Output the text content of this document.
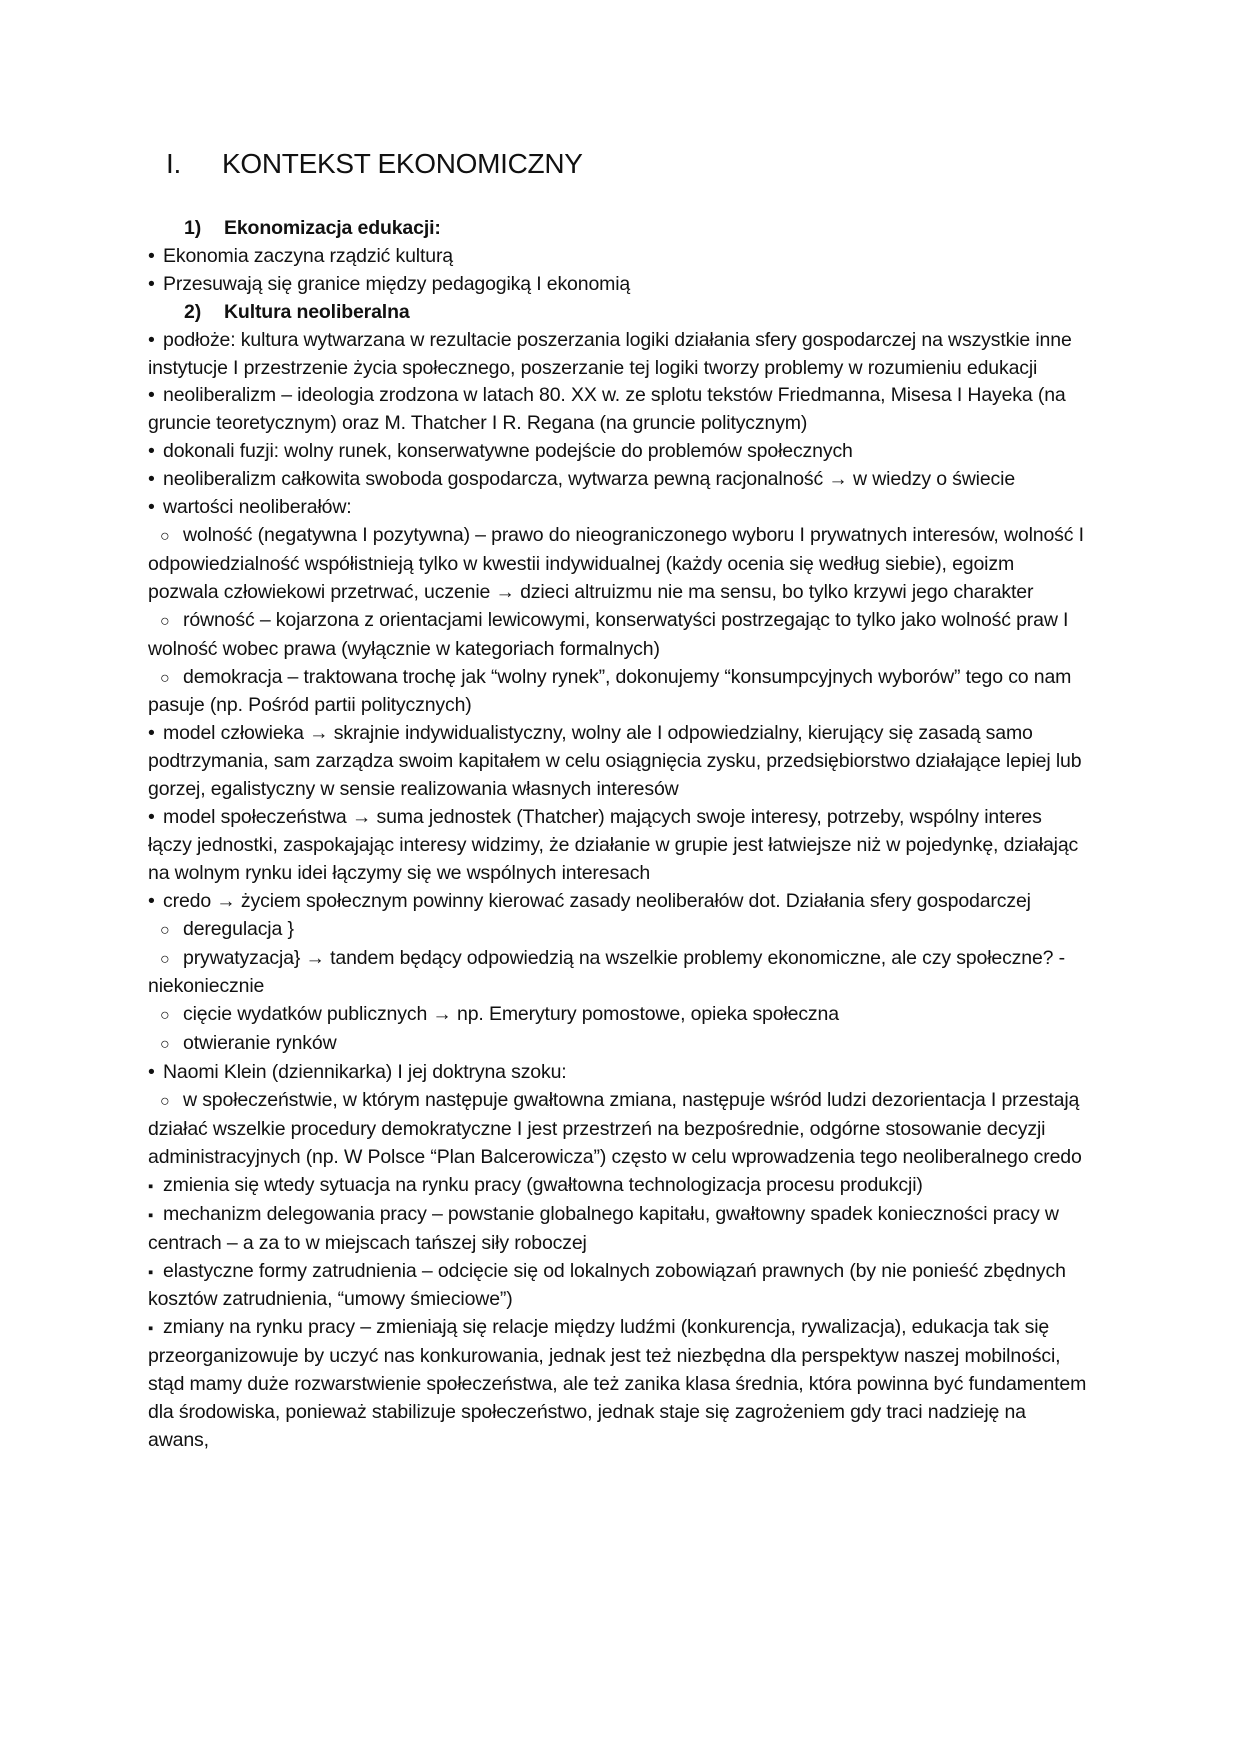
I. KONTEKST EKONOMICZNY

1) Ekonomizacja edukacji:

• Ekonomia zaczyna rządzić kulturą

• Przesuwają się granice między pedagogiką I ekonomią

2) Kultura neoliberalna

• podłoże: kultura wytwarzana w rezultacie poszerzania logiki działania sfery gospodarczej na wszystkie inne instytucje I przestrzenie życia społecznego, poszerzanie tej logiki tworzy problemy w rozumieniu edukacji

• neoliberalizm – ideologia zrodzona w latach 80. XX w. ze splotu tekstów Friedmanna, Misesa I Hayeka (na gruncie teoretycznym) oraz M. Thatcher I R. Regana (na gruncie politycznym)

• dokonali fuzji: wolny runek, konserwatywne podejście do problemów społecznych

• neoliberalizm całkowita swoboda gospodarcza, wytwarza pewną racjonalność → w wiedzy o świecie

• wartości neoliberałów:

○ wolność (negatywna I pozytywna) – prawo do nieograniczonego wyboru I prywatnych interesów, wolność I odpowiedzialność współistnieją tylko w kwestii indywidualnej (każdy ocenia się według siebie), egoizm pozwala człowiekowi przetrwać, uczenie → dzieci altruizmu nie ma sensu, bo tylko krzywi jego charakter

○ równość – kojarzona z orientacjami lewicowymi, konserwatyści postrzegając to tylko jako wolność praw I wolność wobec prawa (wyłącznie w kategoriach formalnych)

○ demokracja – traktowana trochę jak “wolny rynek”, dokonujemy “konsumpcyjnych wyborów” tego co nam pasuje (np. Pośród partii politycznych)

• model człowieka → skrajnie indywidualistyczny, wolny ale I odpowiedzialny, kierujący się zasadą samo podtrzymania, sam zarządza swoim kapitałem w celu osiągnięcia zysku, przedsiębiorstwo działające lepiej lub gorzej, egalistyczny w sensie realizowania własnych interesów

• model społeczeństwa → suma jednostek (Thatcher) mających swoje interesy, potrzeby, wspólny interes łączy jednostki, zaspokajając interesy widzimy, że działanie w grupie jest łatwiejsze niż w pojedynkę, działając na wolnym rynku idei łączymy się we wspólnych interesach

• credo → życiem społecznym powinny kierować zasady neoliberałów dot. Działania sfery gospodarczej

○ deregulacja }

○ prywatyzacja} → tandem będący odpowiedzią na wszelkie problemy ekonomiczne, ale czy społeczne? - niekoniecznie

○ cięcie wydatków publicznych → np. Emerytury pomostowe, opieka społeczna

○ otwieranie rynków

• Naomi Klein (dziennikarka) I jej doktryna szoku:

○ w społeczeństwie, w którym następuje gwałtowna zmiana, następuje wśród ludzi dezorientacja I przestają działać wszelkie procedury demokratyczne I jest przestrzeń na bezpośrednie, odgórne stosowanie decyzji administracyjnych (np. W Polsce “Plan Balcerowicza”) często w celu wprowadzenia tego neoliberalnego credo

▪ zmienia się wtedy sytuacja na rynku pracy (gwałtowna technologizacja procesu produkcji)

▪ mechanizm delegowania pracy – powstanie globalnego kapitału, gwałtowny spadek konieczności pracy w centrach – a za to w miejscach tańszej siły roboczej

▪ elastyczne formy zatrudnienia – odcięcie się od lokalnych zobowiązań prawnych (by nie ponieść zbędnych kosztów zatrudnienia, “umowy śmieciowe”)

▪ zmiany na rynku pracy – zmieniają się relacje między ludźmi (konkurencja, rywalizacja), edukacja tak się przeorganizowuje by uczyć nas konkurowania, jednak jest też niezbędna dla perspektyw naszej mobilności, stąd mamy duże rozwarstwienie społeczeństwa, ale też zanika klasa średnia, która powinna być fundamentem dla środowiska, ponieważ stabilizuje społeczeństwo, jednak staje się zagrożeniem gdy traci nadzieję na awans,
